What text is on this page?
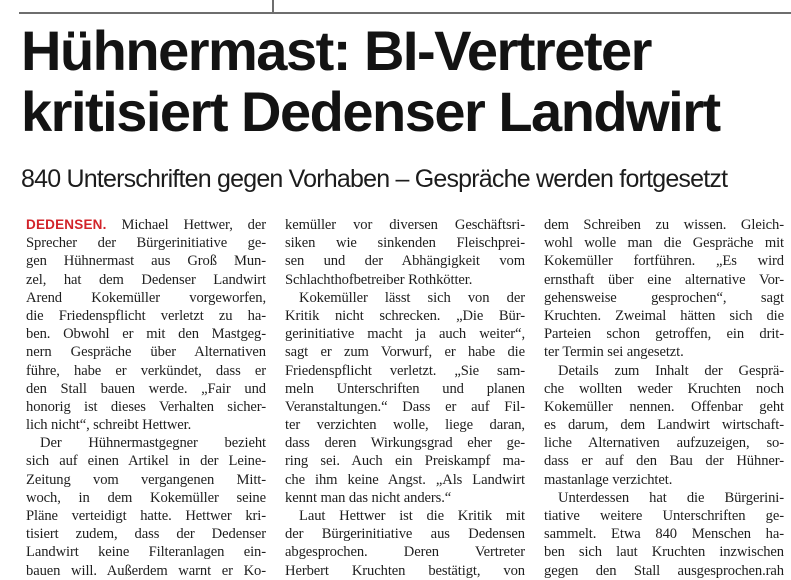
Hühnermast: BI-Vertreter
kritisiert Dedenser Landwirt
840 Unterschriften gegen Vorhaben – Gespräche werden fortgesetzt
DEDENSEN. Michael Hettwer, der
Sprecher der Bürgerinitiative ge-
gen Hühnermast aus Groß Mun-
zel, hat dem Dedenser Landwirt
Arend Kokemüller vorgeworfen,
die Friedenspflicht verletzt zu ha-
ben. Obwohl er mit den Mastgeg-
nern Gespräche über Alternativen
führe, habe er verkündet, dass er
den Stall bauen werde. „Fair und
honorig ist dieses Verhalten sicher-
lich nicht“, schreibt Hettwer.
Der Hühnermastgegner bezieht
sich auf einen Artikel in der Leine-
Zeitung vom vergangenen Mitt-
woch, in dem Kokemüller seine
Pläne verteidigt hatte. Hettwer kri-
tisiert zudem, dass der Dedenser
Landwirt keine Filteranlagen ein-
bauen will. Außerdem warnt er Ko-
kemüller vor diversen Geschäftsri-
siken wie sinkenden Fleischprei-
sen und der Abhängigkeit vom
Schlachthofbetreiber Rothkötter.
Kokemüller lässt sich von der
Kritik nicht schrecken. „Die Bür-
gerinitiative macht ja auch weiter“,
sagt er zum Vorwurf, er habe die
Friedenspflicht verletzt. „Sie sam-
meln Unterschriften und planen
Veranstaltungen.“ Dass er auf Fil-
ter verzichten wolle, liege daran,
dass deren Wirkungsgrad eher ge-
ring sei. Auch ein Preiskampf ma-
che ihm keine Angst. „Als Landwirt
kennt man das nicht anders.“
Laut Hettwer ist die Kritik mit
der Bürgerinitiative aus Dedensen
abgesprochen. Deren Vertreter
Herbert Kruchten bestätigt, von
dem Schreiben zu wissen. Gleich-
wohl wolle man die Gespräche mit
Kokemüller fortführen. „Es wird
ernsthaft über eine alternative Vor-
gehensweise gesprochen“, sagt
Kruchten. Zweimal hätten sich die
Parteien schon getroffen, ein drit-
ter Termin sei angesetzt.
Details zum Inhalt der Gesprä-
che wollten weder Kruchten noch
Kokemüller nennen. Offenbar geht
es darum, dem Landwirt wirtschaft-
liche Alternativen aufzuzeigen, so-
dass er auf den Bau der Hühner-
mastanlage verzichtet.
Unterdessen hat die Bürgerini-
tiative weitere Unterschriften ge-
sammelt. Etwa 840 Menschen ha-
ben sich laut Kruchten inzwischen
gegen den Stall ausgesprochen.rah
